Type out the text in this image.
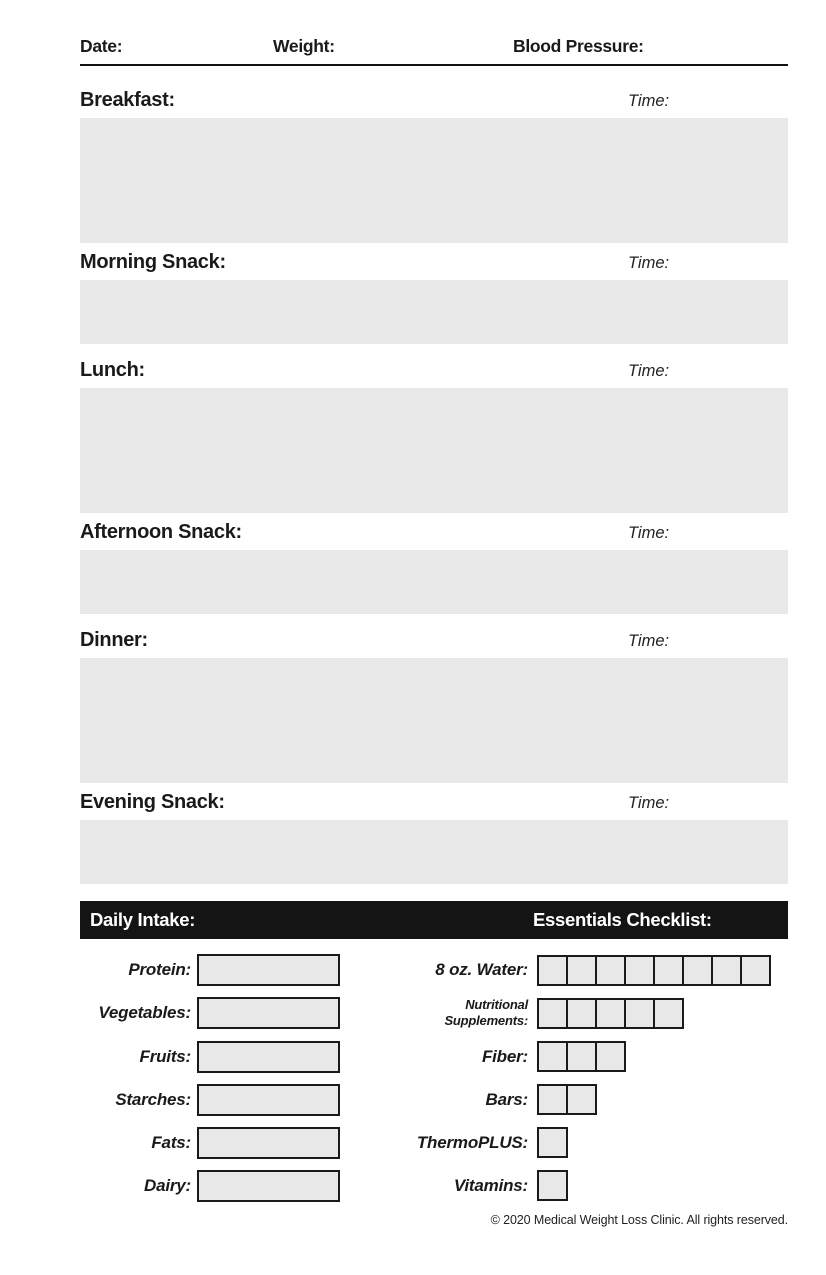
Date:	Weight:	Blood Pressure:
Breakfast:	Time:
Morning Snack:	Time:
Lunch:	Time:
Afternoon Snack:	Time:
Dinner:	Time:
Evening Snack:	Time:
Daily Intake:	Essentials Checklist:
Protein:	8 oz. Water:
Vegetables:	Nutritional Supplements:
Fruits:	Fiber:
Starches:	Bars:
Fats:	ThermoPLUS:
Dairy:	Vitamins:
© 2020 Medical Weight Loss Clinic. All rights reserved.
